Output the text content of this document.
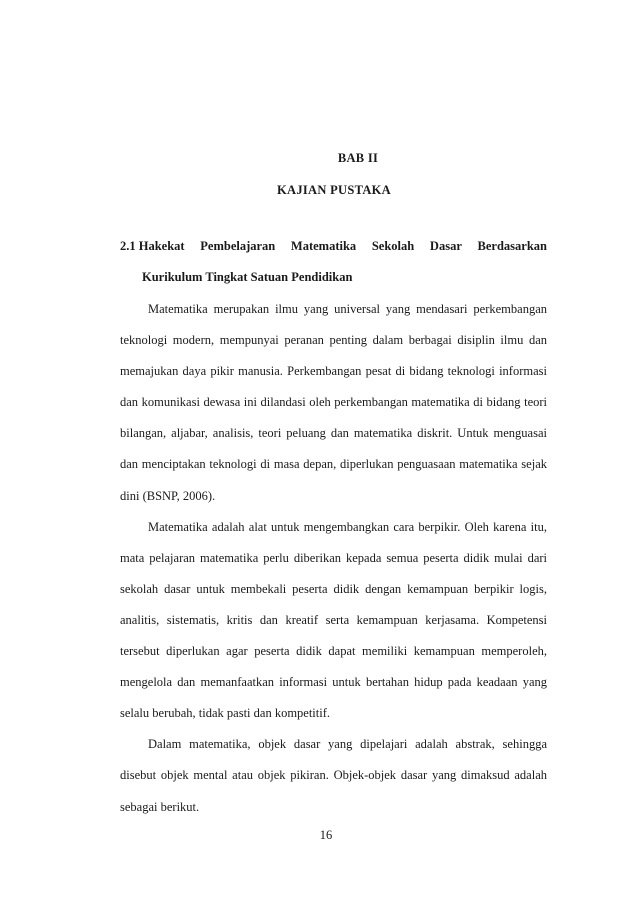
BAB II
KAJIAN PUSTAKA
2.1 Hakekat Pembelajaran Matematika Sekolah Dasar Berdasarkan
Kurikulum Tingkat Satuan Pendidikan

Matematika merupakan ilmu yang universal yang mendasari perkembangan teknologi modern, mempunyai peranan penting dalam berbagai disiplin ilmu dan memajukan daya pikir manusia. Perkembangan pesat di bidang teknologi informasi dan komunikasi dewasa ini dilandasi oleh perkembangan matematika di bidang teori bilangan, aljabar, analisis, teori peluang dan matematika diskrit. Untuk menguasai dan menciptakan teknologi di masa depan, diperlukan penguasaan matematika sejak dini (BSNP, 2006).

Matematika adalah alat untuk mengembangkan cara berpikir. Oleh karena itu, mata pelajaran matematika perlu diberikan kepada semua peserta didik mulai dari sekolah dasar untuk membekali peserta didik dengan kemampuan berpikir logis, analitis, sistematis, kritis dan kreatif serta kemampuan kerjasama. Kompetensi tersebut diperlukan agar peserta didik dapat memiliki kemampuan memperoleh, mengelola dan memanfaatkan informasi untuk bertahan hidup pada keadaan yang selalu berubah, tidak pasti dan kompetitif.

Dalam matematika, objek dasar yang dipelajari adalah abstrak, sehingga disebut objek mental atau objek pikiran. Objek-objek dasar yang dimaksud adalah sebagai berikut.

16
